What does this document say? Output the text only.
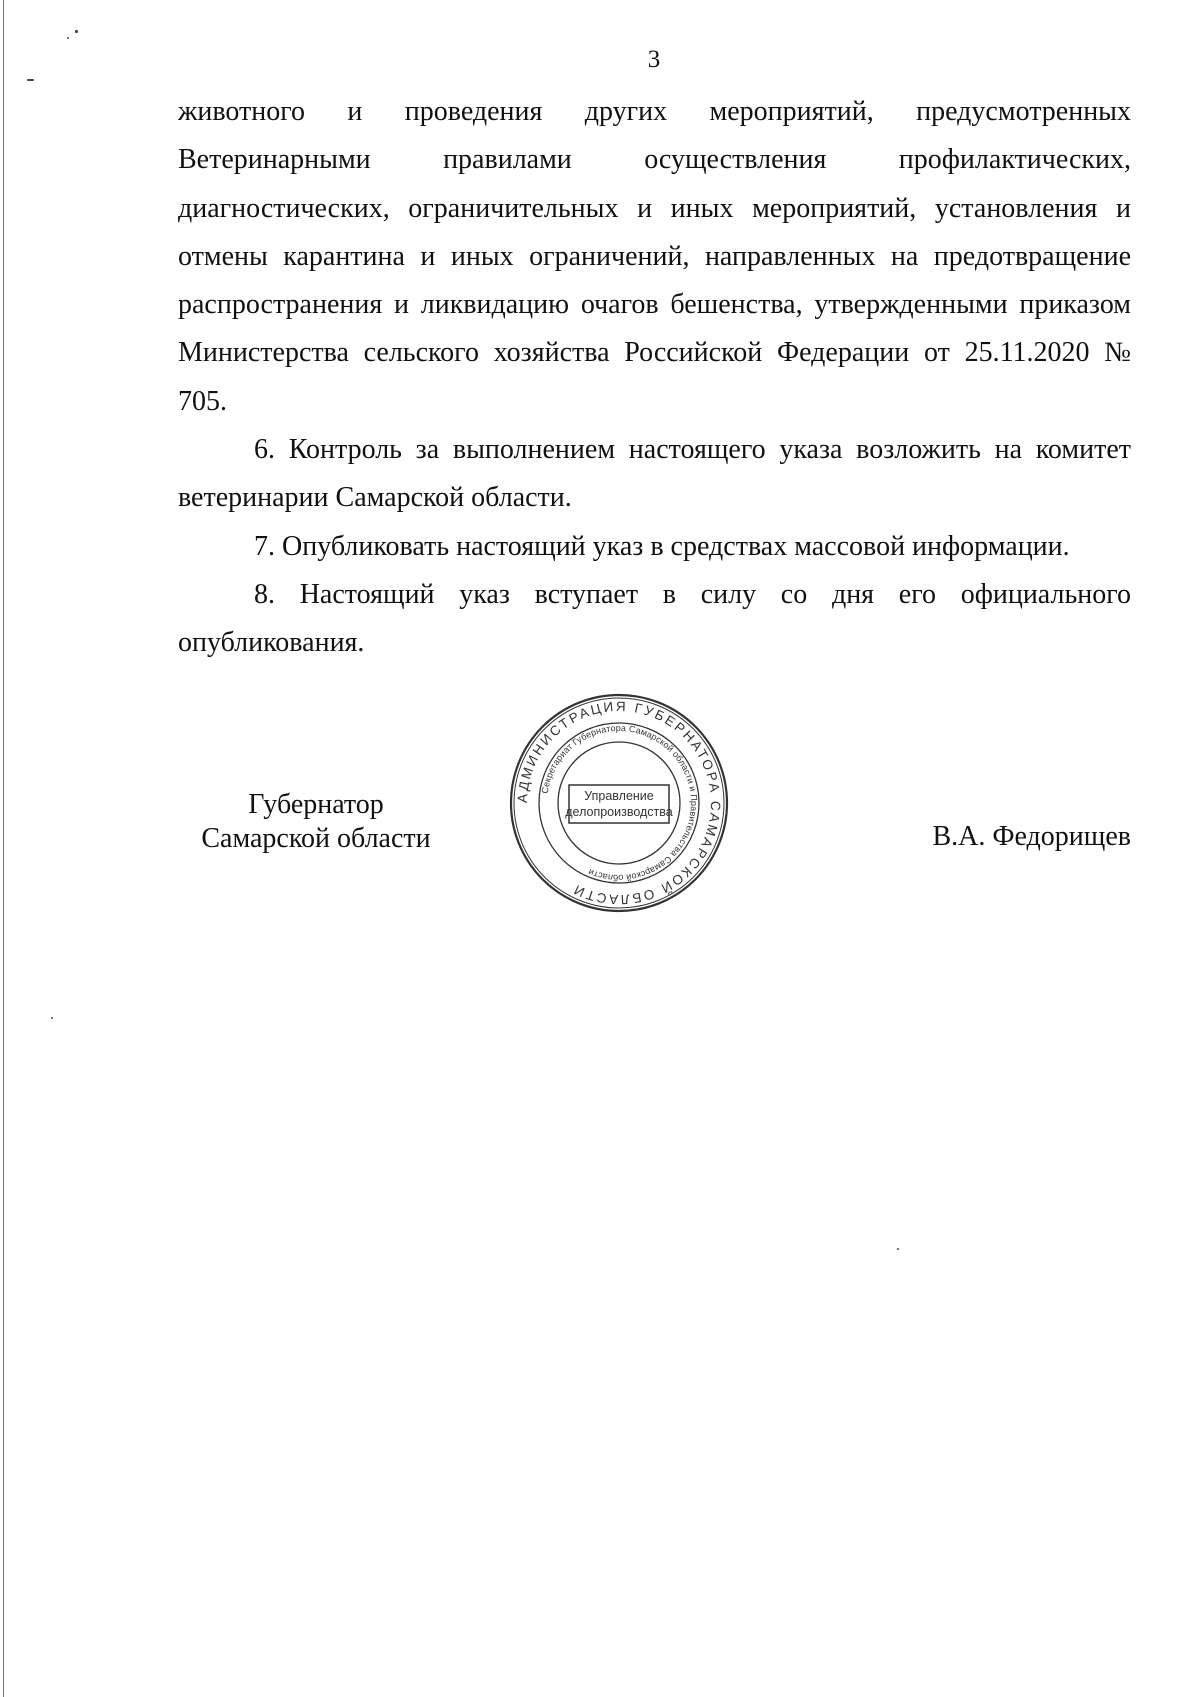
3

животного и проведения других мероприятий, предусмотренных Ветеринарными правилами осуществления профилактических, диагностических, ограничительных и иных мероприятий, установления и отмены карантина и иных ограничений, направленных на предотвращение распространения и ликвидацию очагов бешенства, утвержденными приказом Министерства сельского хозяйства Российской Федерации от 25.11.2020 № 705.

6. Контроль за выполнением настоящего указа возложить на комитет ветеринарии Самарской области.

7. Опубликовать настоящий указ в средствах массовой информации.

8. Настоящий указ вступает в силу со дня его официального опубликования.

Губернатор
Самарской области
АДМИНИСТРАЦИЯ ГУБЕРНАТОРА САМАРСКОЙ ОБЛАСТИ
Секретариат Губернатора Самарской области и Правительства Самарской области
Управление
делопроизводства
В.А. Федорищев
